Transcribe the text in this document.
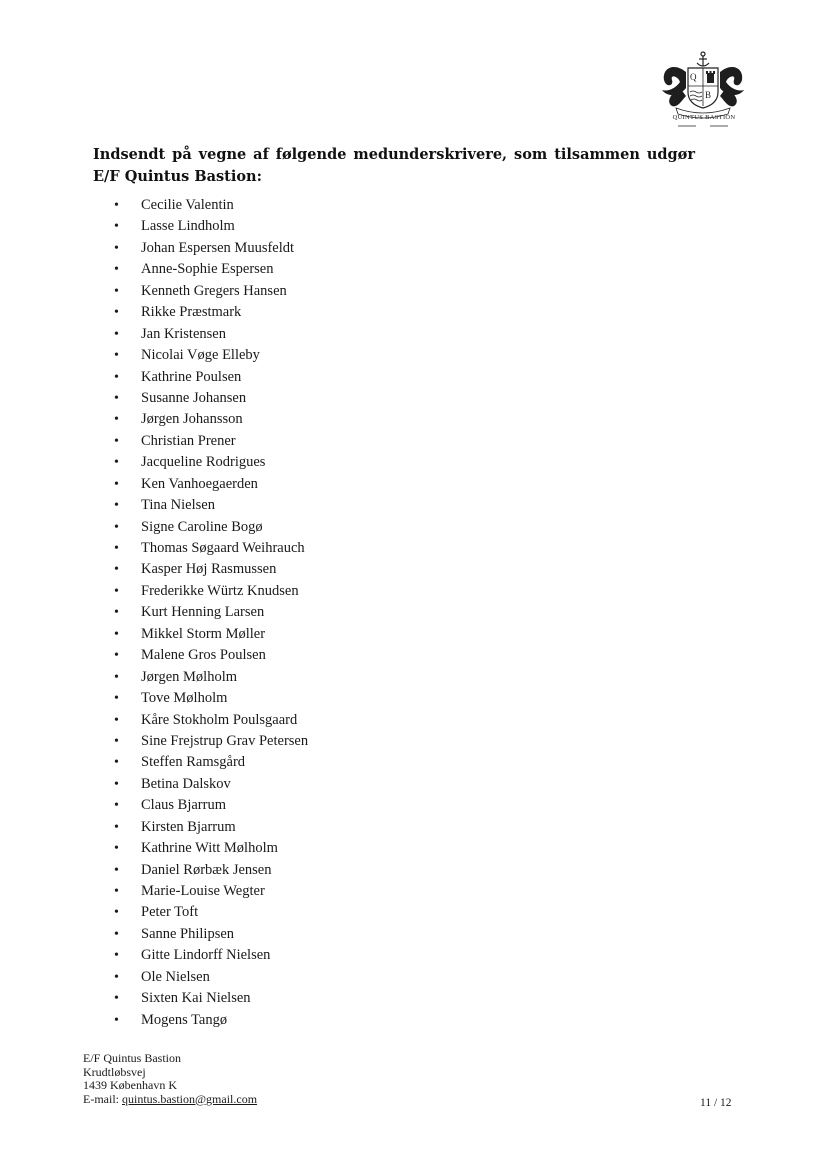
Q
B
QUINTUS BASTION

Indsendt på vegne af følgende medunderskrivere, som tilsammen udgør E/F Quintus Bastion:

• Cecilie Valentin
• Lasse Lindholm
• Johan Espersen Muusfeldt
• Anne-Sophie Espersen
• Kenneth Gregers Hansen
• Rikke Præstmark
• Jan Kristensen
• Nicolai Vøge Elleby
• Kathrine Poulsen
• Susanne Johansen
• Jørgen Johansson
• Christian Prener
• Jacqueline Rodrigues
• Ken Vanhoegaerden
• Tina Nielsen
• Signe Caroline Bogø
• Thomas Søgaard Weihrauch
• Kasper Høj Rasmussen
• Frederikke Würtz Knudsen
• Kurt Henning Larsen
• Mikkel Storm Møller
• Malene Gros Poulsen
• Jørgen Mølholm
• Tove Mølholm
• Kåre Stokholm Poulsgaard
• Sine Frejstrup Grav Petersen
• Steffen Ramsgård
• Betina Dalskov
• Claus Bjarrum
• Kirsten Bjarrum
• Kathrine Witt Mølholm
• Daniel Rørbæk Jensen
• Marie-Louise Wegter
• Peter Toft
• Sanne Philipsen
• Gitte Lindorff Nielsen
• Ole Nielsen
• Sixten Kai Nielsen
• Mogens Tangø
E/F Quintus Bastion
Krudtløbsvej
1439 København K
E-mail: quintus.bastion@gmail.com	11 / 12
